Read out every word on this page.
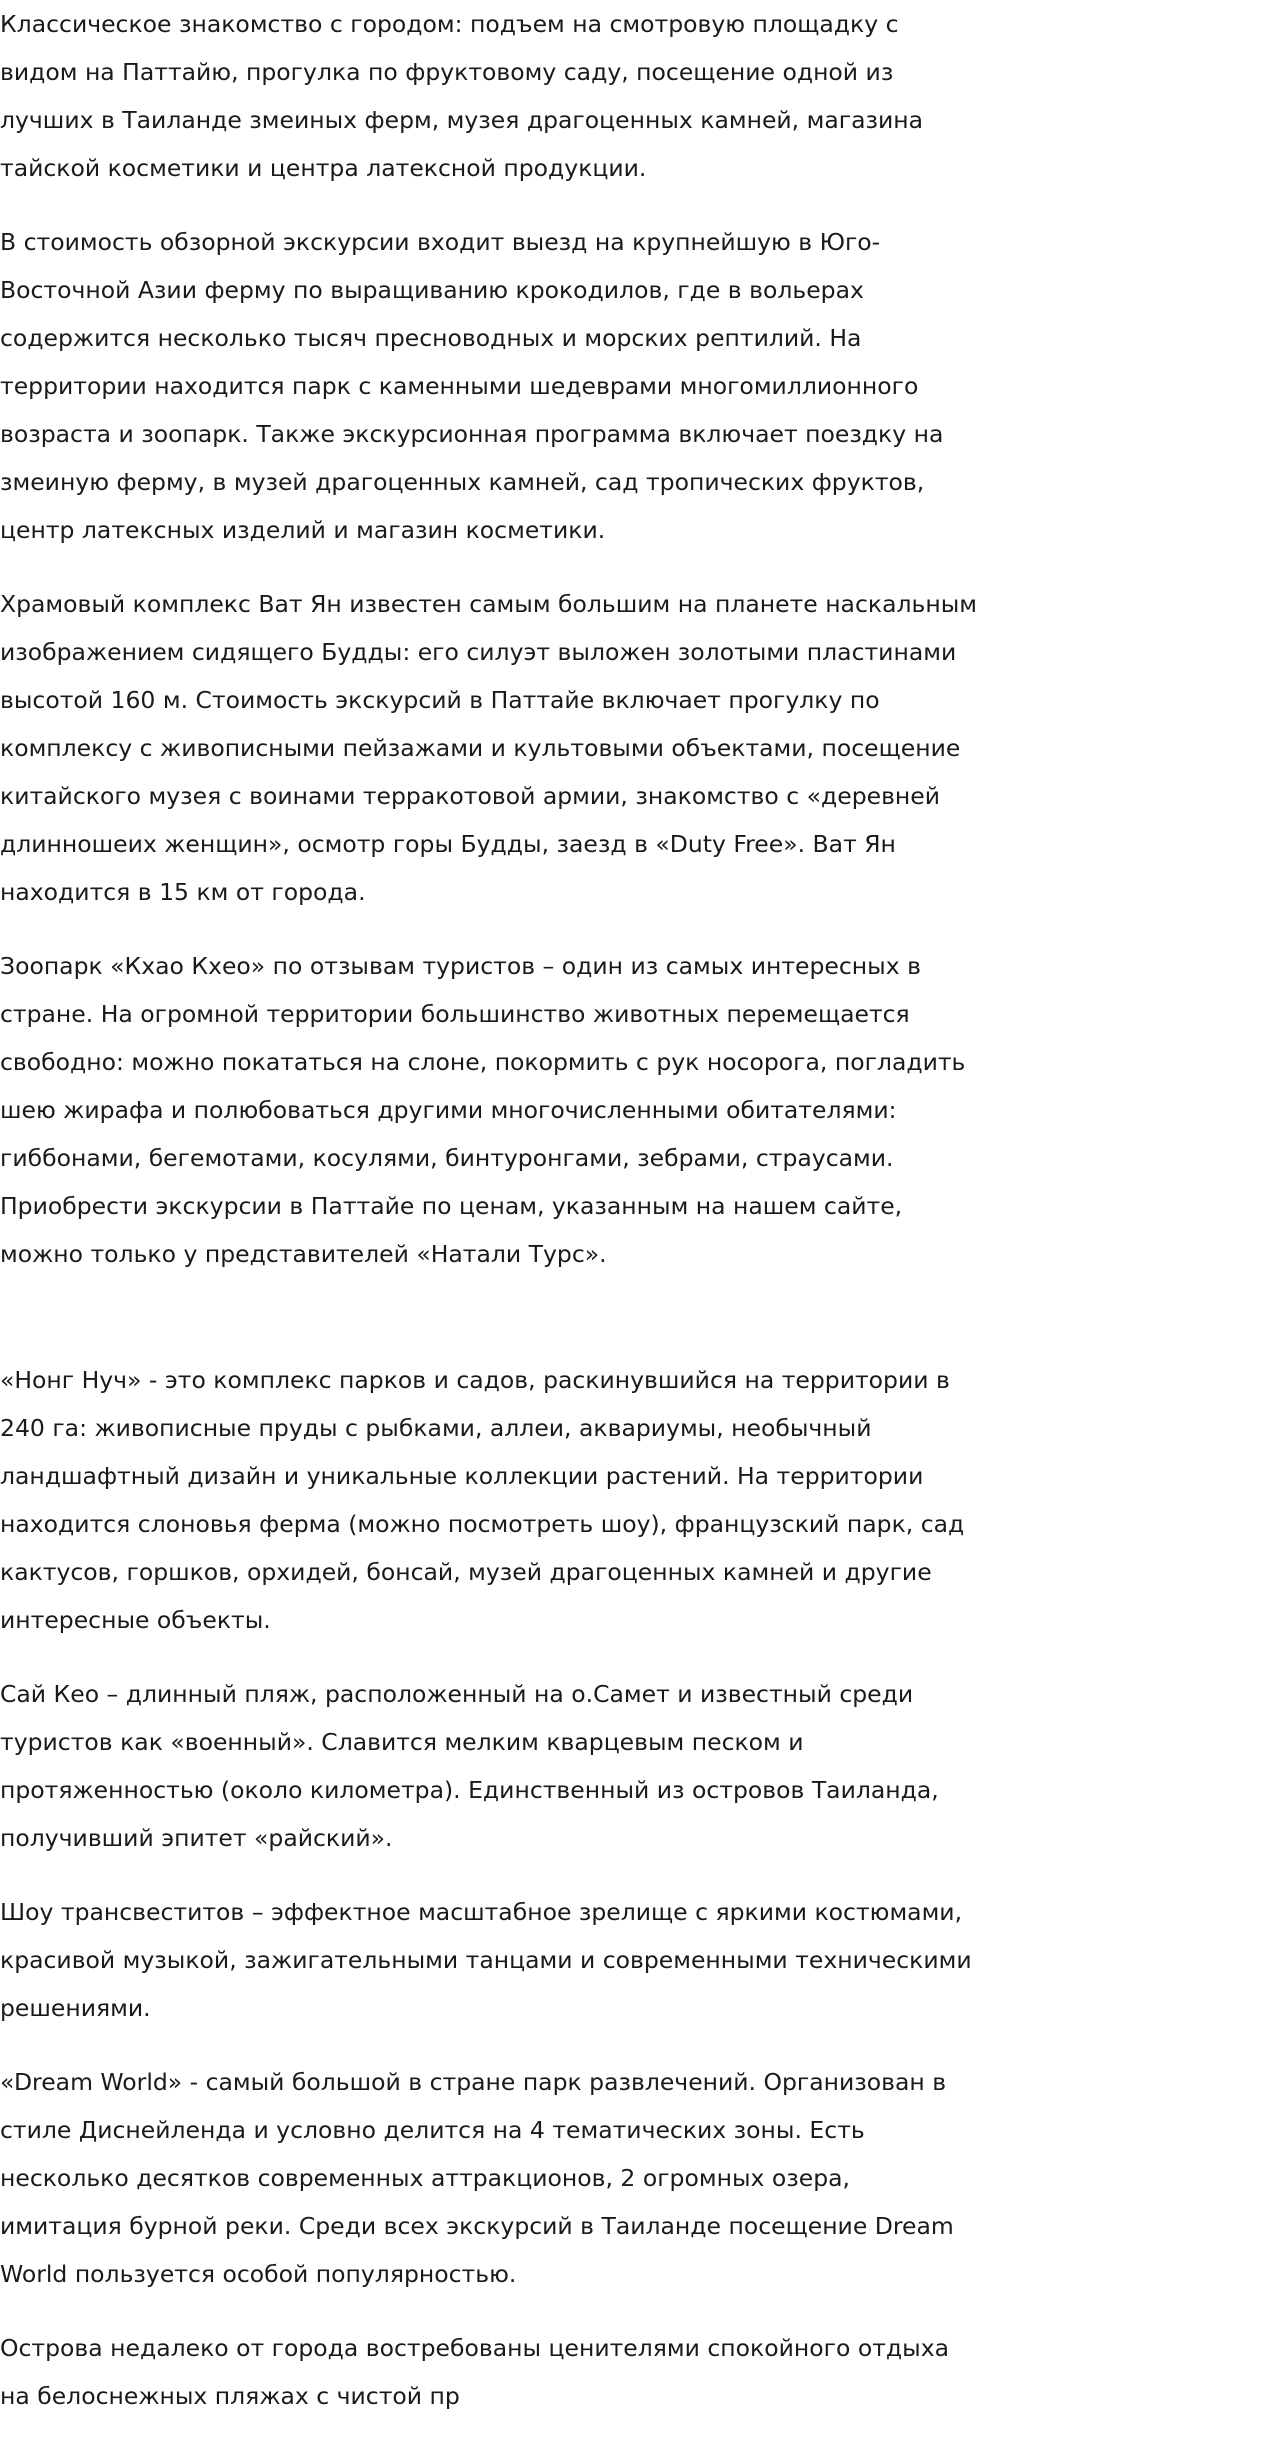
Классическое знакомство с городом: подъем на смотровую площадку с видом на Паттайю, прогулка по фруктовому саду, посещение одной из лучших в Таиланде змеиных ферм, музея драгоценных камней, магазина тайской косметики и центра латексной продукции.

В стоимость обзорной экскурсии входит выезд на крупнейшую в Юго-Восточной Азии ферму по выращиванию крокодилов, где в вольерах содержится несколько тысяч пресноводных и морских рептилий. На территории находится парк с каменными шедеврами многомиллионного возраста и зоопарк. Также экскурсионная программа включает поездку на змеиную ферму, в музей драгоценных камней, сад тропических фруктов, центр латексных изделий и магазин косметики.

Храмовый комплекс Ват Ян известен самым большим на планете наскальным изображением сидящего Будды: его силуэт выложен золотыми пластинами высотой 160 м. Стоимость экскурсий в Паттайе включает прогулку по комплексу с живописными пейзажами и культовыми объектами, посещение китайского музея с воинами терракотовой армии, знакомство с «деревней длинношеих женщин», осмотр горы Будды, заезд в «Duty Free». Ват Ян находится в 15 км от города.

Зоопарк «Кхао Кхео» по отзывам туристов – один из самых интересных в стране. На огромной территории большинство животных перемещается свободно: можно покататься на слоне, покормить с рук носорога, погладить шею жирафа и полюбоваться другими многочисленными обитателями: гиббонами, бегемотами, косулями, бинтуронгами, зебрами, страусами. Приобрести экскурсии в Паттайе по ценам, указанным на нашем сайте, можно только у представителей «Натали Турс».

«Нонг Нуч» - это комплекс парков и садов, раскинувшийся на территории в 240 га: живописные пруды с рыбками, аллеи, аквариумы, необычный ландшафтный дизайн и уникальные коллекции растений. На территории находится слоновья ферма (можно посмотреть шоу), французский парк, сад кактусов, горшков, орхидей, бонсай, музей драгоценных камней и другие интересные объекты.

Сай Кео – длинный пляж, расположенный на о.Самет и известный среди туристов как «военный». Славится мелким кварцевым песком и протяженностью (около километра). Единственный из островов Таиланда, получивший эпитет «райский».

Шоу трансвеститов – эффектное масштабное зрелище с яркими костюмами, красивой музыкой, зажигательными танцами и современными техническими решениями.

«Dream World» - самый большой в стране парк развлечений. Организован в стиле Диснейленда и условно делится на 4 тематических зоны. Есть несколько десятков современных аттракционов, 2 огромных озера, имитация бурной реки. Среди всех экскурсий в Таиланде посещение Dream World пользуется особой популярностью.

Острова недалеко от города востребованы ценителями спокойного отдыха на белоснежных пляжах с чистой пр
